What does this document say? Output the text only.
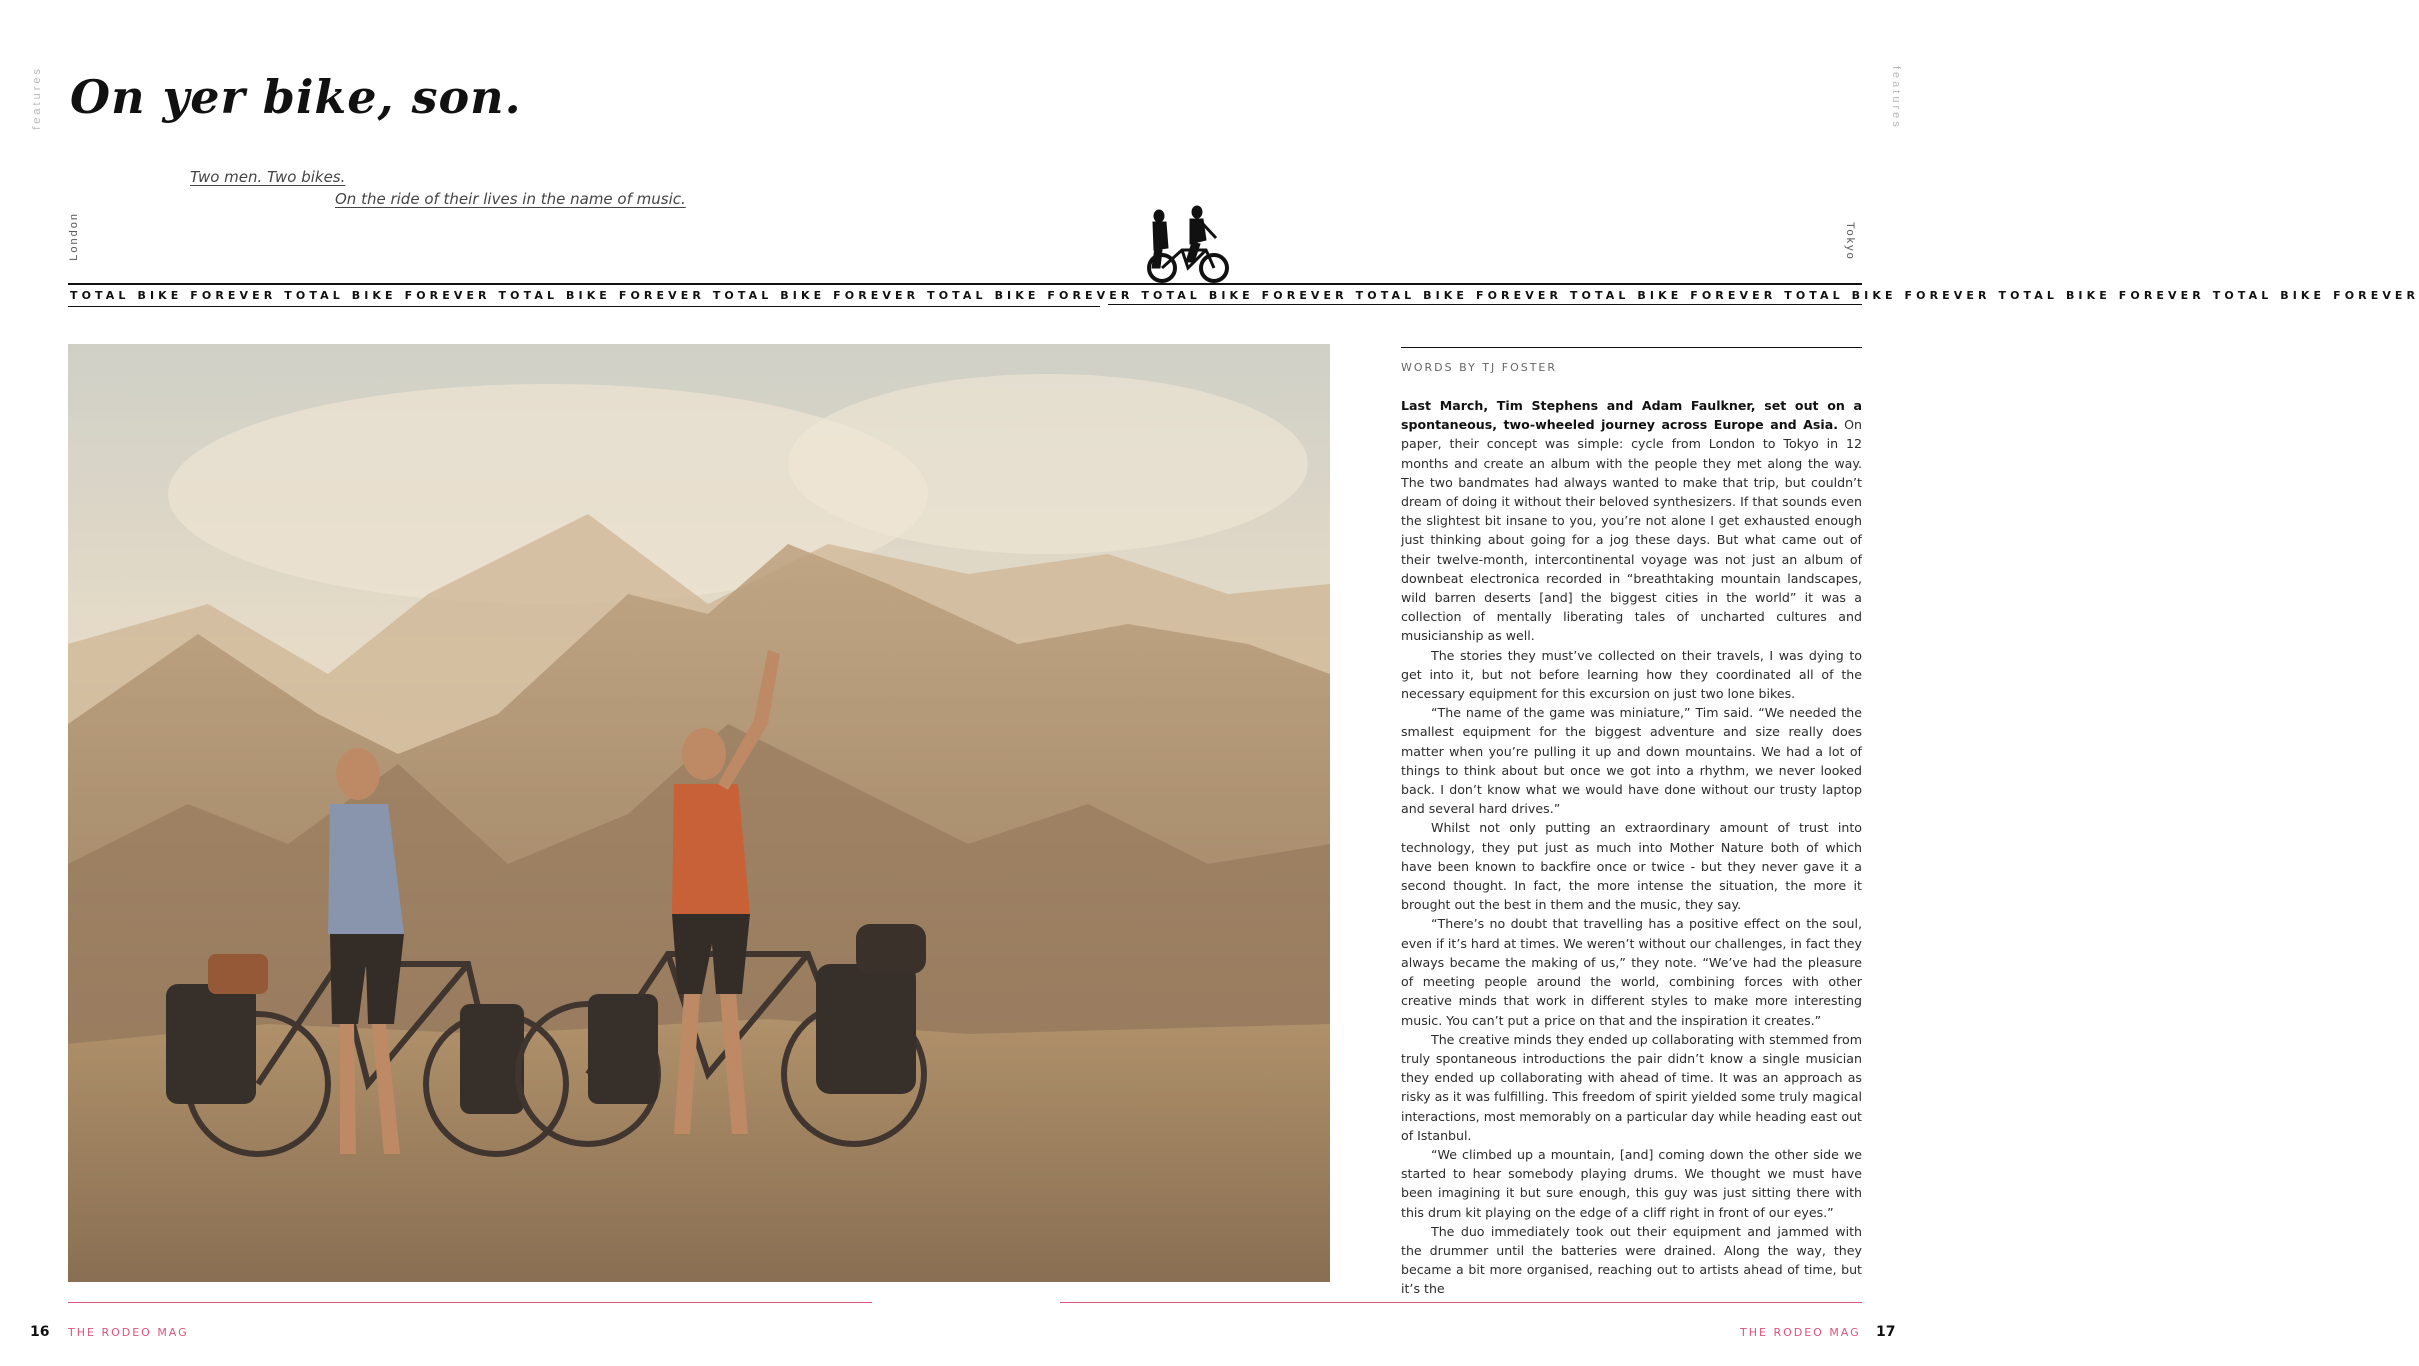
features	features
On yer bike, son.
Two men. Two bikes.
On the ride of their lives in the name of music.
London	Tokyo
TOTAL BIKE FOREVER TOTAL BIKE FOREVER TOTAL BIKE FOREVER TOTAL BIKE FOREVER TOTAL BIKE FOREVER TOTAL BIKE FOREVER TOTAL BIKE FOREVER TOTAL BIKE FOREVER TOTAL BIKE FOREVER TOTAL BIKE FOREVER TOTAL BIKE FOREVER
WORDS BY TJ FOSTER

Last March, Tim Stephens and Adam Faulkner, set out on a spontaneous, two-wheeled journey across Europe and Asia. On paper, their concept was simple: cycle from London to Tokyo in 12 months and create an album with the people they met along the way. The two bandmates had always wanted to make that trip, but couldn’t dream of doing it without their beloved synthesizers. If that sounds even the slightest bit insane to you, you’re not alone I get exhausted enough just thinking about going for a jog these days. But what came out of their twelve-month, intercontinental voyage was not just an album of downbeat electronica recorded in “breathtaking mountain landscapes, wild barren deserts [and] the biggest cities in the world” it was a collection of mentally liberating tales of uncharted cultures and musicianship as well.

The stories they must’ve collected on their travels, I was dying to get into it, but not before learning how they coordinated all of the necessary equipment for this excursion on just two lone bikes.

“The name of the game was miniature,” Tim said. “We needed the smallest equipment for the biggest adventure and size really does matter when you’re pulling it up and down mountains. We had a lot of things to think about but once we got into a rhythm, we never looked back. I don’t know what we would have done without our trusty laptop and several hard drives.”

Whilst not only putting an extraordinary amount of trust into technology, they put just as much into Mother Nature both of which have been known to backfire once or twice - but they never gave it a second thought. In fact, the more intense the situation, the more it brought out the best in them and the music, they say.

“There’s no doubt that travelling has a positive effect on the soul, even if it’s hard at times. We weren’t without our challenges, in fact they always became the making of us,” they note. “We’ve had the pleasure of meeting people around the world, combining forces with other creative minds that work in different styles to make more interesting music. You can’t put a price on that and the inspiration it creates.”

The creative minds they ended up collaborating with stemmed from truly spontaneous introductions the pair didn’t know a single musician they ended up collaborating with ahead of time. It was an approach as risky as it was fulfilling. This freedom of spirit yielded some truly magical interactions, most memorably on a particular day while heading east out of Istanbul.

“We climbed up a mountain, [and] coming down the other side we started to hear somebody playing drums. We thought we must have been imagining it but sure enough, this guy was just sitting there with this drum kit playing on the edge of a cliff right in front of our eyes.”

The duo immediately took out their equipment and jammed with the drummer until the batteries were drained. Along the way, they became a bit more organised, reaching out to artists ahead of time, but it’s the

16 THE RODEO MAG	THE RODEO MAG 17
